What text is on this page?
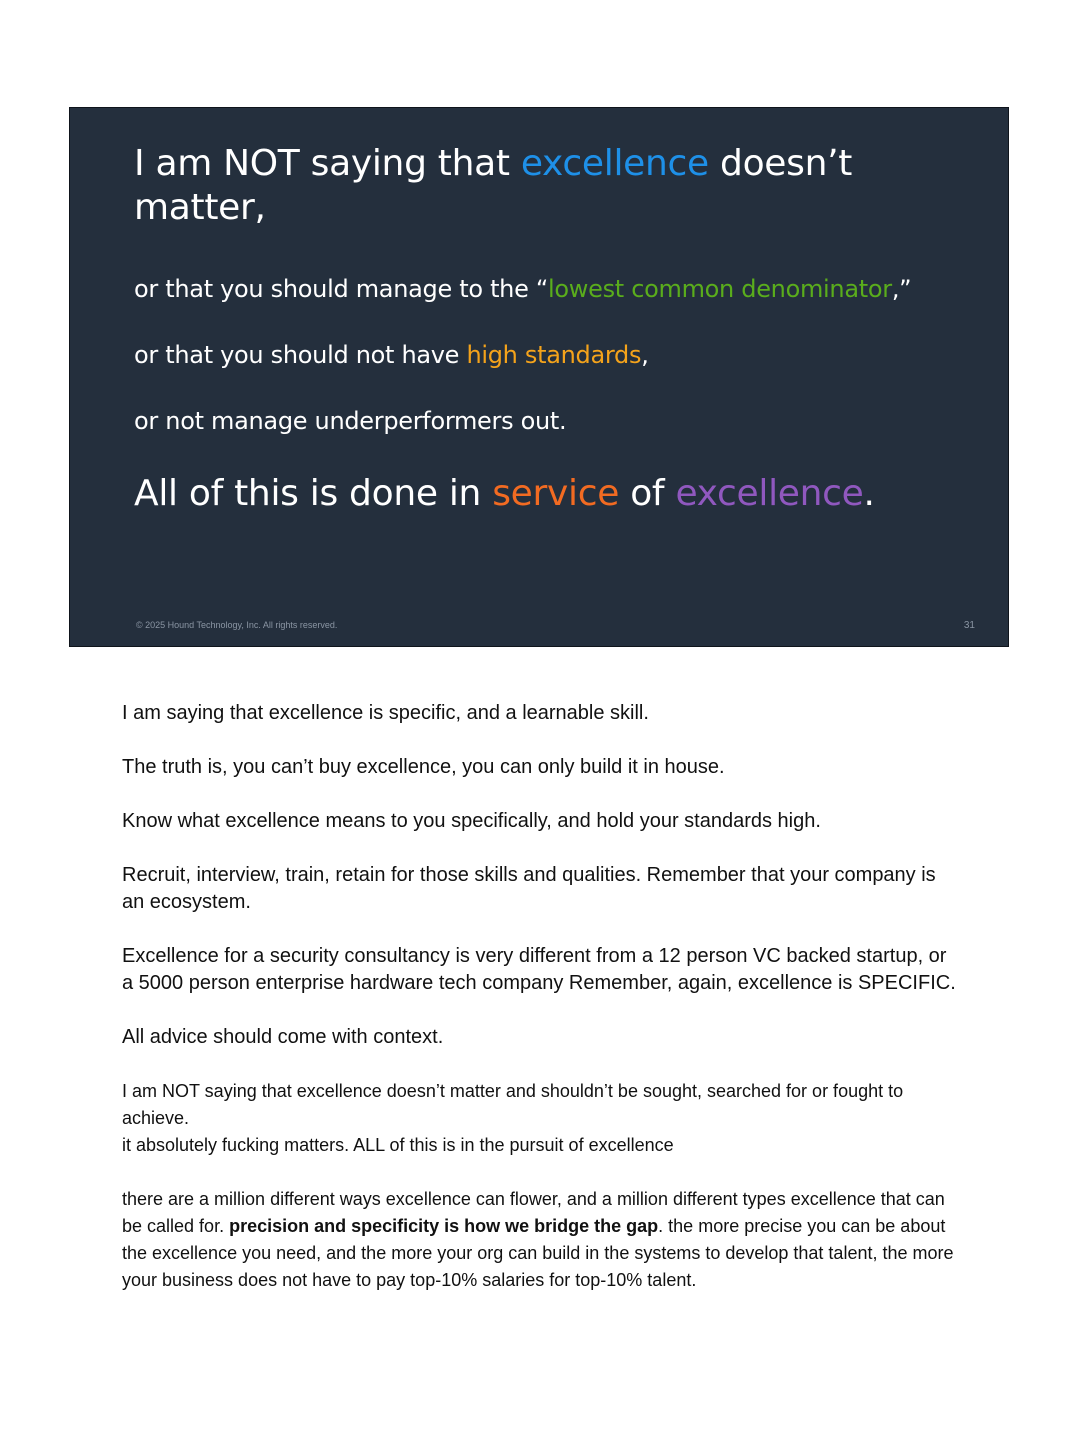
I am NOT saying that excellence doesn’t matter,

or that you should manage to the “lowest common denominator,”

or that you should not have high standards,

or not manage underperformers out.

All of this is done in service of excellence.

© 2025 Hound Technology, Inc. All rights reserved.	31

I am saying that excellence is specific, and a learnable skill.

The truth is, you can’t buy excellence, you can only build it in house.

Know what excellence means to you specifically, and hold your standards high.

Recruit, interview, train, retain for those skills and qualities. Remember that your company is an ecosystem.

Excellence for a security consultancy is very different from a 12 person VC backed startup, or a 5000 person enterprise hardware tech company Remember, again, excellence is SPECIFIC.

All advice should come with context.

I am NOT saying that excellence doesn’t matter and shouldn’t be sought, searched for or fought to achieve.

it absolutely fucking matters. ALL of this is in the pursuit of excellence

there are a million different ways excellence can flower, and a million different types excellence that can be called for. precision and specificity is how we bridge the gap. the more precise you can be about the excellence you need, and the more your org can build in the systems to develop that talent, the more your business does not have to pay top-10% salaries for top-10% talent.
